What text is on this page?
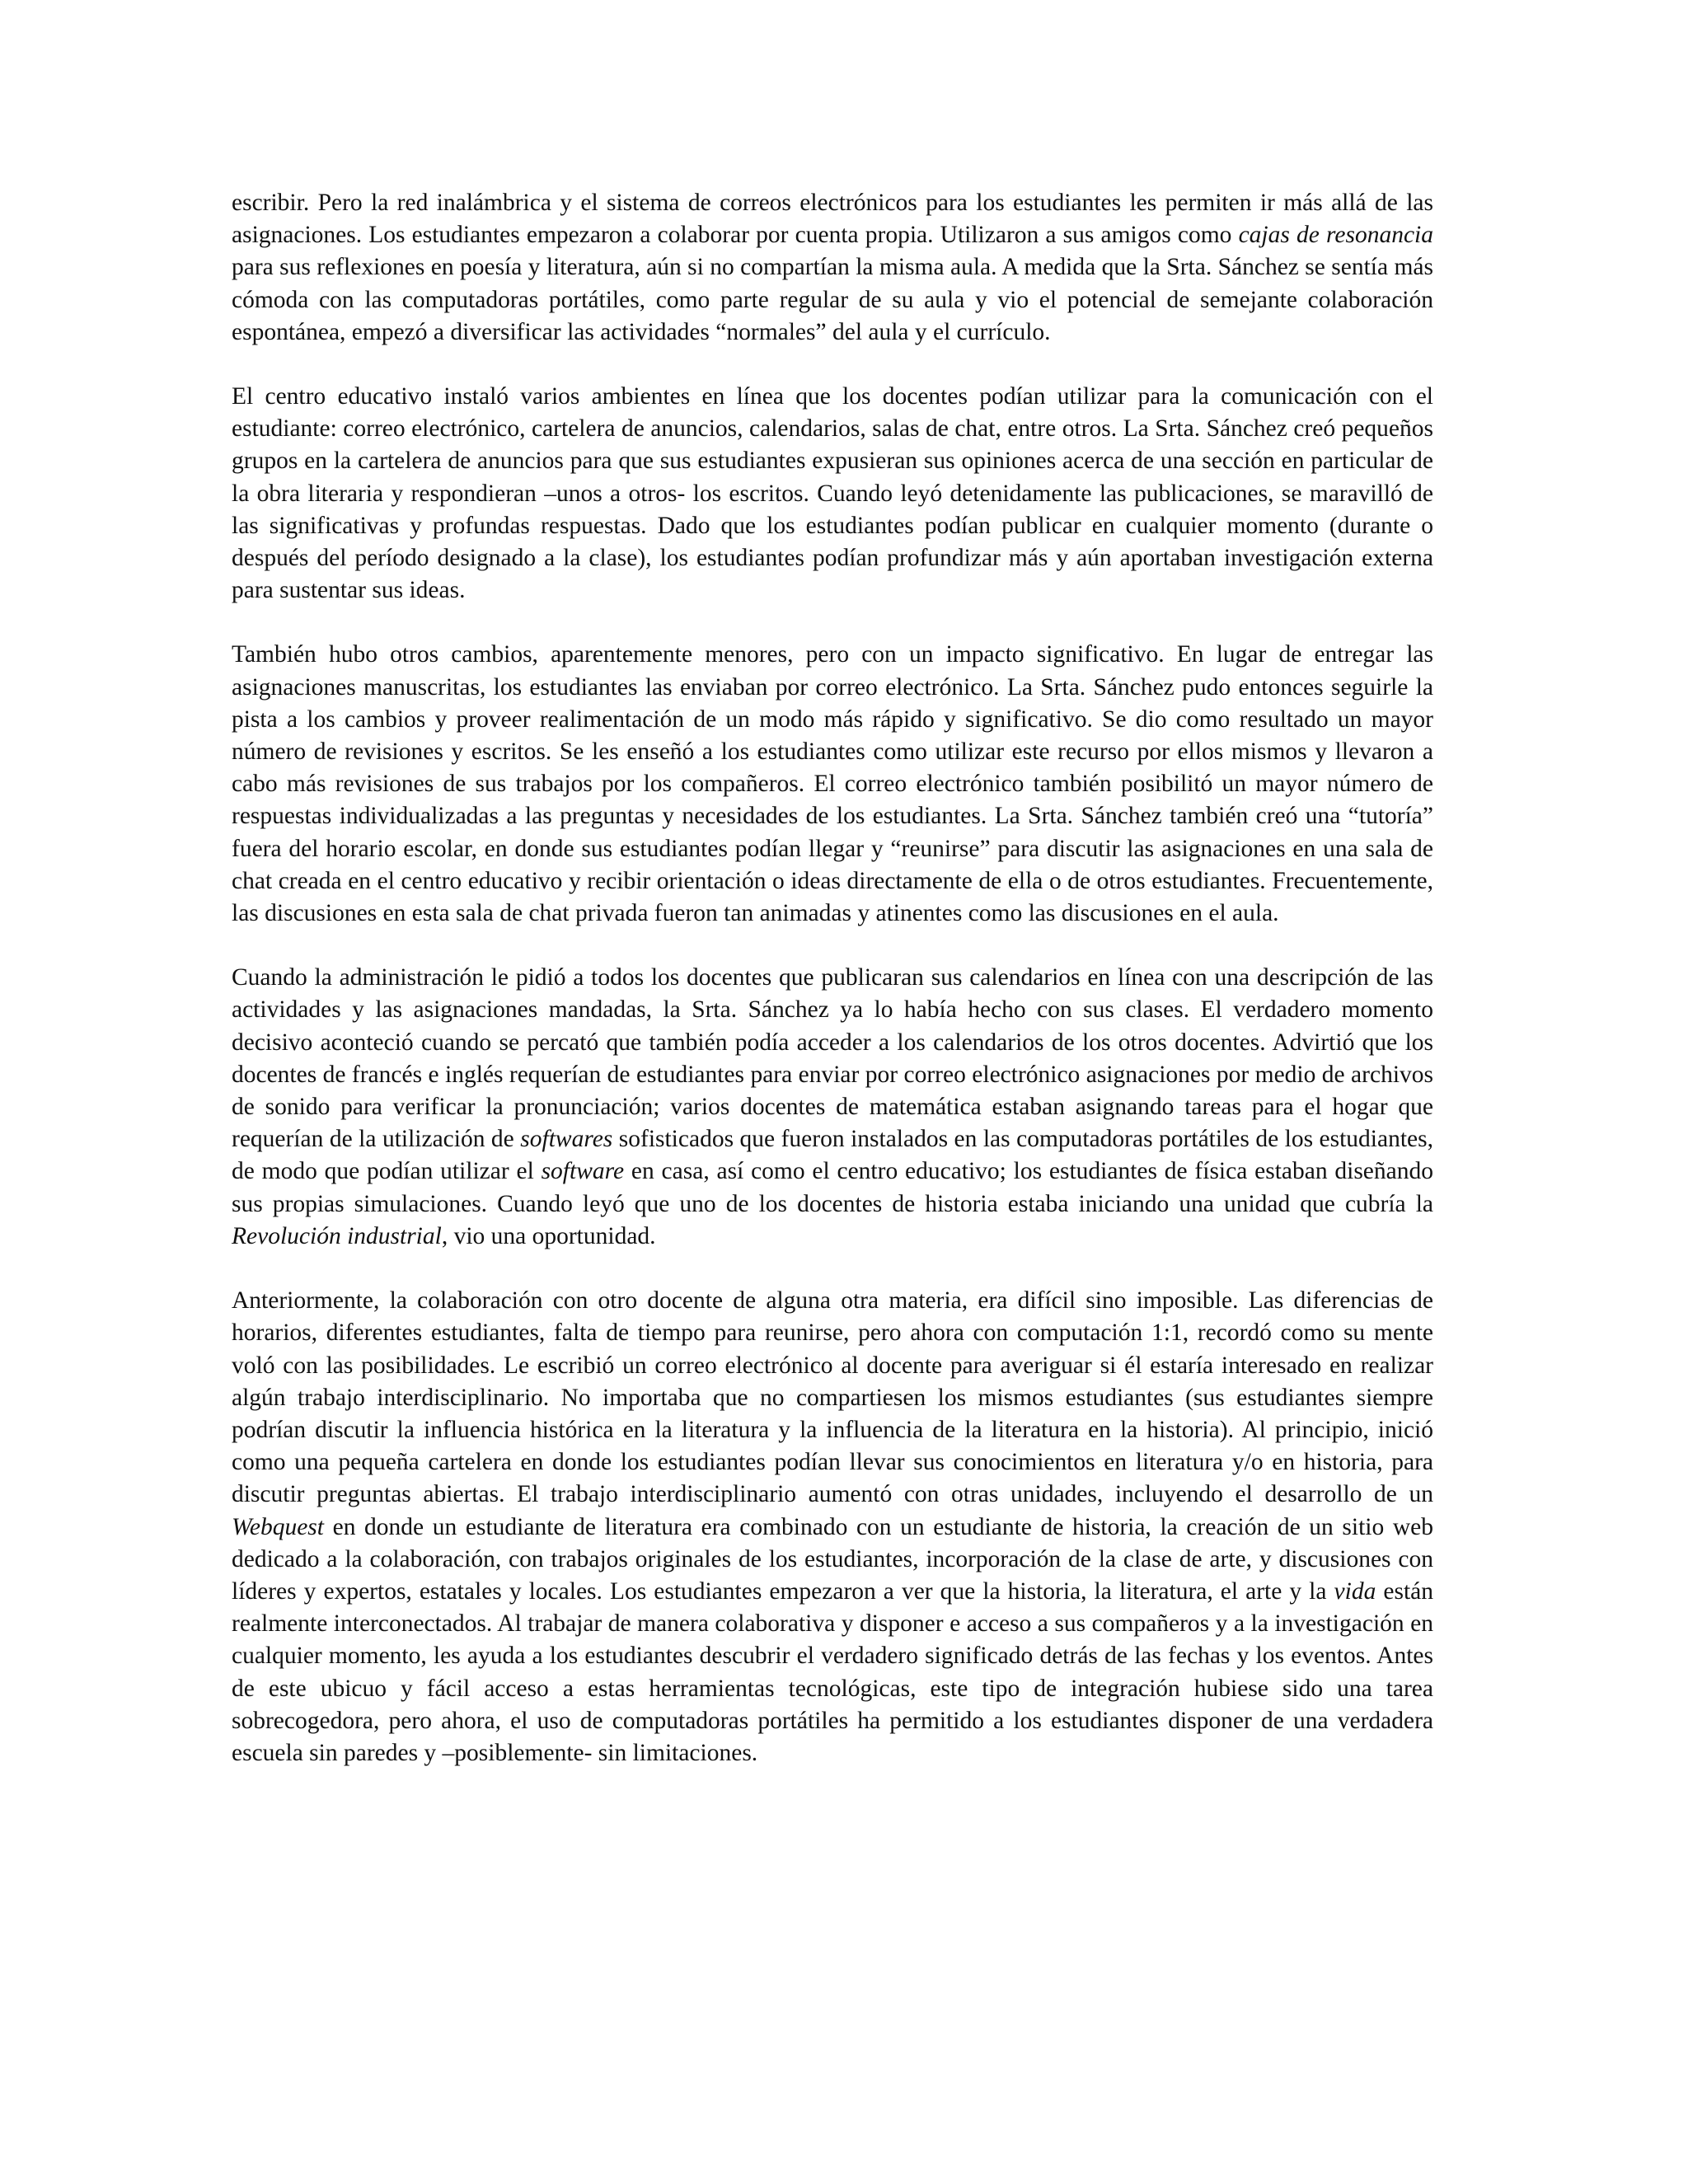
escribir. Pero la red inalámbrica y el sistema de correos electrónicos para los estudiantes les permiten ir más allá de las asignaciones. Los estudiantes empezaron a colaborar por cuenta propia. Utilizaron a sus amigos como cajas de resonancia para sus reflexiones en poesía y literatura, aún si no compartían la misma aula. A medida que la Srta. Sánchez se sentía más cómoda con las computadoras portátiles, como parte regular de su aula y vio el potencial de semejante colaboración espontánea, empezó a diversificar las actividades “normales” del aula y el currículo.

El centro educativo instaló varios ambientes en línea que los docentes podían utilizar para la comunicación con el estudiante: correo electrónico, cartelera de anuncios, calendarios, salas de chat, entre otros. La Srta. Sánchez creó pequeños grupos en la cartelera de anuncios para que sus estudiantes expusieran sus opiniones acerca de una sección en particular de la obra literaria y respondieran –unos a otros- los escritos. Cuando leyó detenidamente las publicaciones, se maravilló de las significativas y profundas respuestas. Dado que los estudiantes podían publicar en cualquier momento (durante o después del período designado a la clase), los estudiantes podían profundizar más y aún aportaban investigación externa para sustentar sus ideas.

También hubo otros cambios, aparentemente menores, pero con un impacto significativo. En lugar de entregar las asignaciones manuscritas, los estudiantes las enviaban por correo electrónico. La Srta. Sánchez pudo entonces seguirle la pista a los cambios y proveer realimentación de un modo más rápido y significativo. Se dio como resultado un mayor número de revisiones y escritos. Se les enseñó a los estudiantes como utilizar este recurso por ellos mismos y llevaron a cabo más revisiones de sus trabajos por los compañeros. El correo electrónico también posibilitó un mayor número de respuestas individualizadas a las preguntas y necesidades de los estudiantes. La Srta. Sánchez también creó una “tutoría” fuera del horario escolar, en donde sus estudiantes podían llegar y “reunirse” para discutir las asignaciones en una sala de chat creada en el centro educativo y recibir orientación o ideas directamente de ella o de otros estudiantes. Frecuentemente, las discusiones en esta sala de chat privada fueron tan animadas y atinentes como las discusiones en el aula.

Cuando la administración le pidió a todos los docentes que publicaran sus calendarios en línea con una descripción de las actividades y las asignaciones mandadas, la Srta. Sánchez ya lo había hecho con sus clases. El verdadero momento decisivo aconteció cuando se percató que también podía acceder a los calendarios de los otros docentes. Advirtió que los docentes de francés e inglés requerían de estudiantes para enviar por correo electrónico asignaciones por medio de archivos de sonido para verificar la pronunciación; varios docentes de matemática estaban asignando tareas para el hogar que requerían de la utilización de softwares sofisticados que fueron instalados en las computadoras portátiles de los estudiantes, de modo que podían utilizar el software en casa, así como el centro educativo; los estudiantes de física estaban diseñando sus propias simulaciones. Cuando leyó que uno de los docentes de historia estaba iniciando una unidad que cubría la Revolución industrial, vio una oportunidad.

Anteriormente, la colaboración con otro docente de alguna otra materia, era difícil sino imposible. Las diferencias de horarios, diferentes estudiantes, falta de tiempo para reunirse, pero ahora con computación 1:1, recordó como su mente voló con las posibilidades. Le escribió un correo electrónico al docente para averiguar si él estaría interesado en realizar algún trabajo interdisciplinario. No importaba que no compartiesen los mismos estudiantes (sus estudiantes siempre podrían discutir la influencia histórica en la literatura y la influencia de la literatura en la historia). Al principio, inició como una pequeña cartelera en donde los estudiantes podían llevar sus conocimientos en literatura y/o en historia, para discutir preguntas abiertas. El trabajo interdisciplinario aumentó con otras unidades, incluyendo el desarrollo de un Webquest en donde un estudiante de literatura era combinado con un estudiante de historia, la creación de un sitio web dedicado a la colaboración, con trabajos originales de los estudiantes, incorporación de la clase de arte, y discusiones con líderes y expertos, estatales y locales. Los estudiantes empezaron a ver que la historia, la literatura, el arte y la vida están realmente interconectados. Al trabajar de manera colaborativa y disponer e acceso a sus compañeros y a la investigación en cualquier momento, les ayuda a los estudiantes descubrir el verdadero significado detrás de las fechas y los eventos. Antes de este ubicuo y fácil acceso a estas herramientas tecnológicas, este tipo de integración hubiese sido una tarea sobrecogedora, pero ahora, el uso de computadoras portátiles ha permitido a los estudiantes disponer de una verdadera escuela sin paredes y –posiblemente- sin limitaciones.
